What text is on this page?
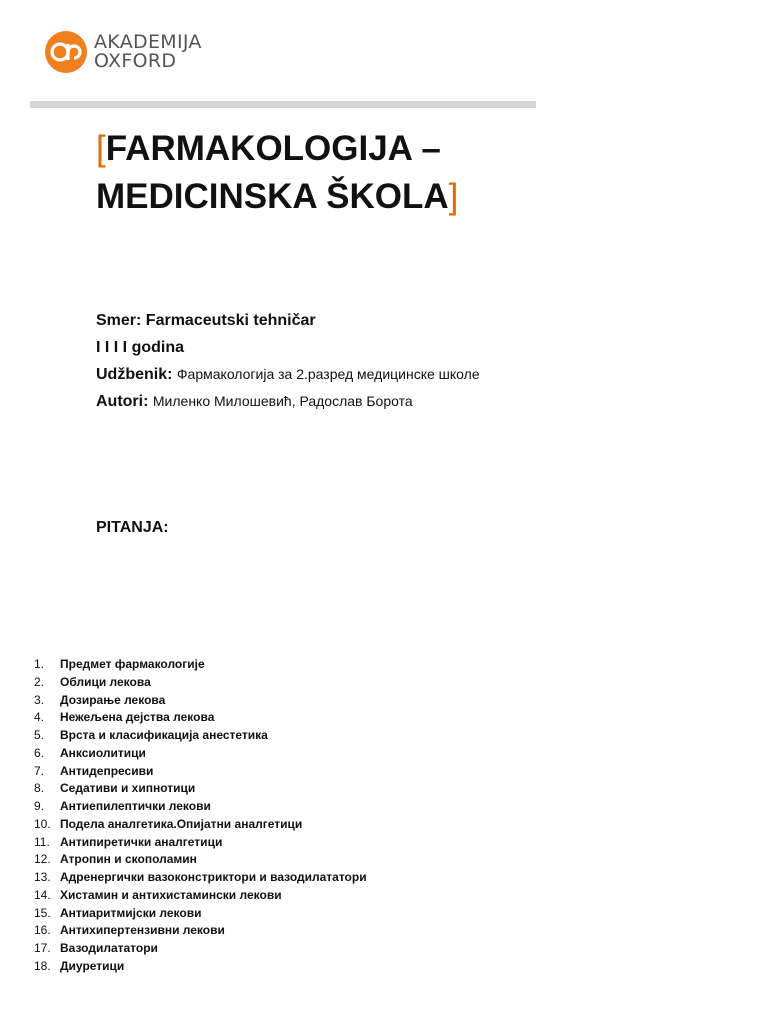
AKADEMIJA
OXFORD
[FARMAKOLOGIJA –
MEDICINSKA ŠKOLA]
Smer: Farmaceutski tehničar
I I I I godina
Udžbenik: Фармакологија за 2.разред медицинске школе
Autori: Миленко Милошевић, Радослав Борота
PITANJA:
1.	Предмет фармакологије
2.	Облици лекова
3.	Дозирање лекова
4.	Нежељена дејства лекова
5.	Врста и класификација анестетика
6.	Анксиолитици
7.	Антидепресиви
8.	Седативи и хипнотици
9.	Антиепилептички лекови
10. Подела аналгетика.Опијатни аналгетици
11. Антипиретички аналгетици
12. Атропин и скополамин
13. Адренергички вазоконстриктори и вазодилататори
14. Хистамин и антихистамински лекови
15. Антиаритмијски лекови
16. Антихипертензивни лекови
17. Вазодилататори
18. Диуретици
